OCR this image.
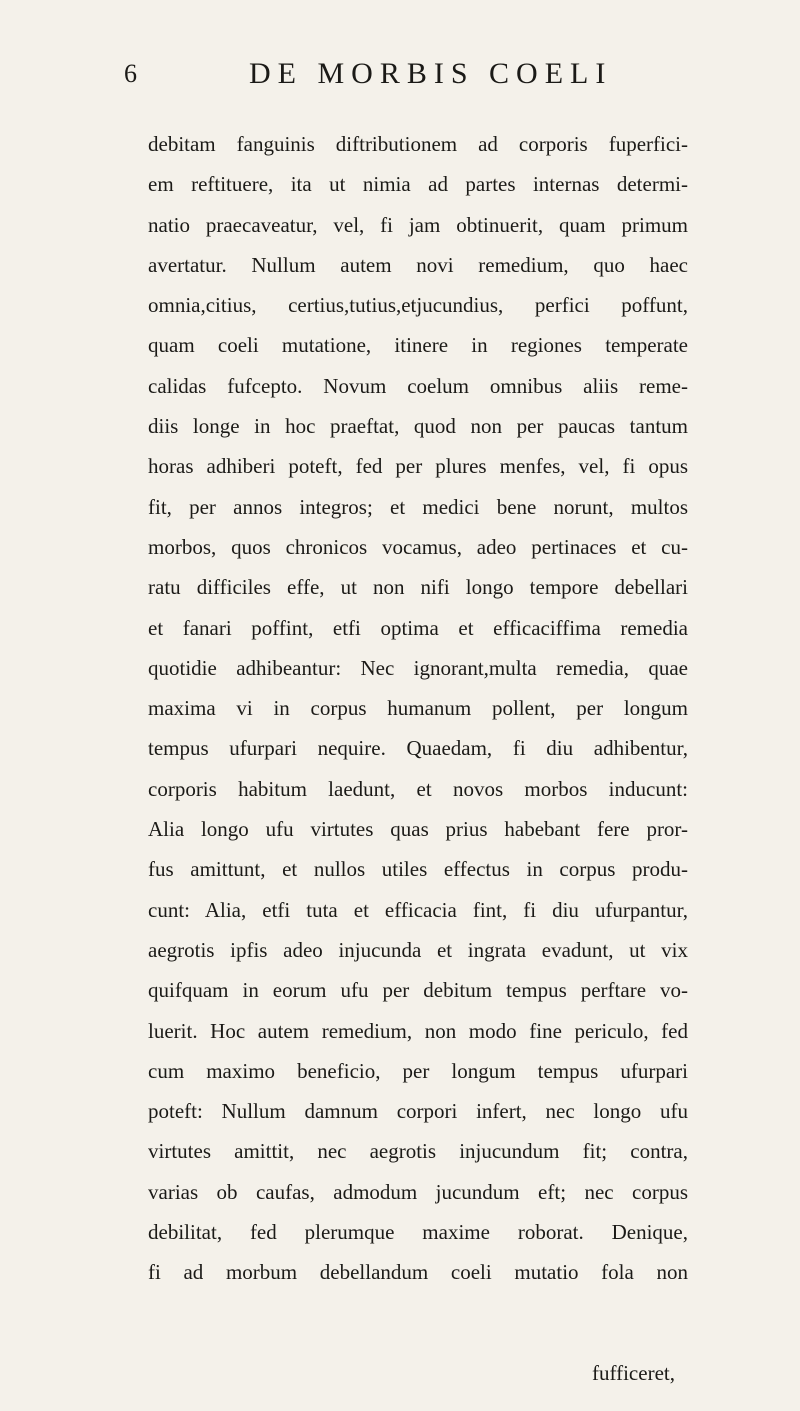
6	DE MORBIS COELI
debitam fanguinis diftributionem ad corporis fuperfici-
em reftituere, ita ut nimia ad partes internas determi-
natio praecaveatur, vel, fi jam obtinuerit, quam primum
avertatur. Nullum autem novi remedium, quo haec
omnia,citius, certius,tutius,etjucundius, perfici poffunt,
quam coeli mutatione, itinere in regiones temperate
calidas fufcepto. Novum coelum omnibus aliis reme-
diis longe in hoc praeftat, quod non per paucas tantum
horas adhiberi poteft, fed per plures menfes, vel, fi opus
fit, per annos integros; et medici bene norunt, multos
morbos, quos chronicos vocamus, adeo pertinaces et cu-
ratu difficiles effe, ut non nifi longo tempore debellari
et fanari poffint, etfi optima et efficaciffima remedia
quotidie adhibeantur: Nec ignorant,multa remedia, quae
maxima vi in corpus humanum pollent, per longum
tempus ufurpari nequire. Quaedam, fi diu adhibentur,
corporis habitum laedunt, et novos morbos inducunt:
Alia longo ufu virtutes quas prius habebant fere pror-
fus amittunt, et nullos utiles effectus in corpus produ-
cunt: Alia, etfi tuta et efficacia fint, fi diu ufurpantur,
aegrotis ipfis adeo injucunda et ingrata evadunt, ut vix
quifquam in eorum ufu per debitum tempus perftare vo-
luerit. Hoc autem remedium, non modo fine periculo, fed
cum maximo beneficio, per longum tempus ufurpari
poteft: Nullum damnum corpori infert, nec longo ufu
virtutes amittit, nec aegrotis injucundum fit; contra,
varias ob caufas, admodum jucundum eft; nec corpus
debilitat, fed plerumque maxime roborat. Denique,
fi ad morbum debellandum coeli mutatio fola non
fufficeret,
